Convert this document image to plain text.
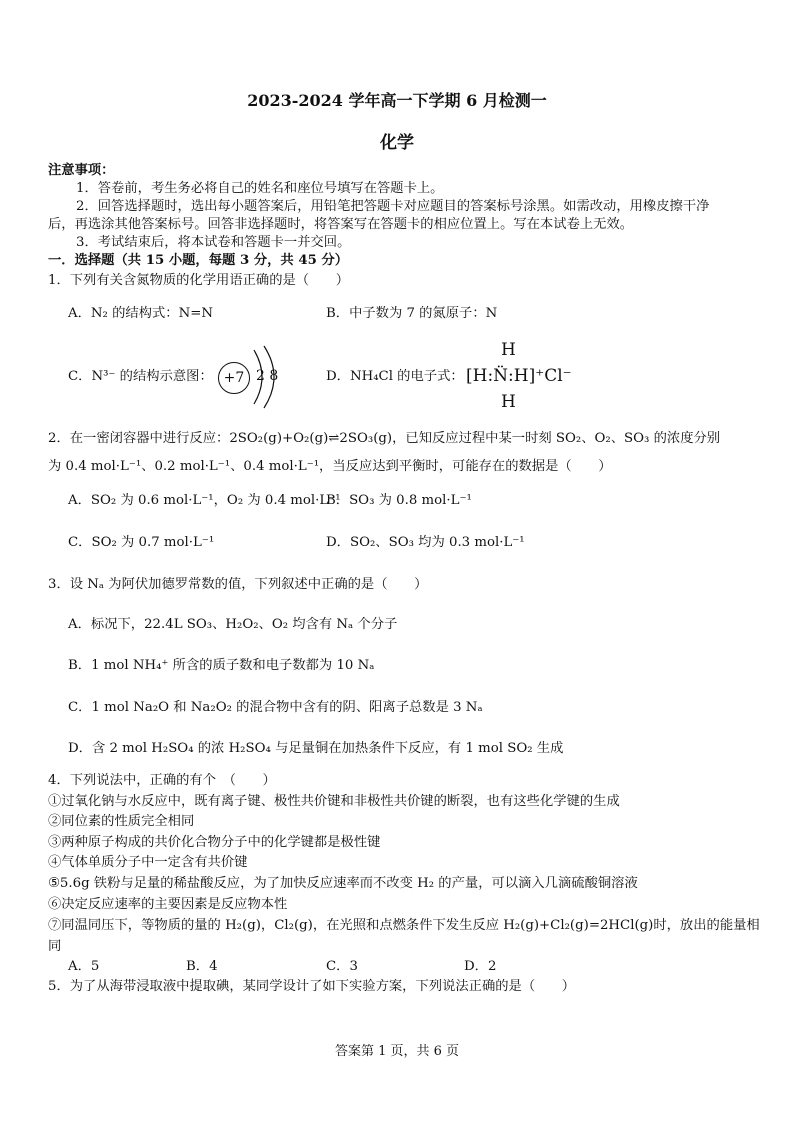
2023-2024 学年高一下学期 6 月检测一
化学
注意事项：
1．答卷前，考生务必将自己的姓名和座位号填写在答题卡上。
2．回答选择题时，选出每小题答案后，用铅笔把答题卡对应题目的答案标号涂黑。如需改动，用橡皮擦干净
后，再选涂其他答案标号。回答非选择题时，将答案写在答题卡的相应位置上。写在本试卷上无效。
3．考试结束后，将本试卷和答题卡一并交回。
一．选择题（共 15 小题，每题 3 分，共 45 分）
1．下列有关含氮物质的化学用语正确的是（　　）
A．N₂ 的结构式：N=N	B．中子数为 7 的氮原子：N
C．N³⁻ 的结构示意图： +7 2 8	D．NH₄Cl 的电子式：
H
[H:N̈:H]⁺Cl⁻
H
2．在一密闭容器中进行反应：2SO₂(g)+O₂(g)⇌2SO₃(g)，已知反应过程中某一时刻 SO₂、O₂、SO₃ 的浓度分别
为 0.4 mol·L⁻¹、0.2 mol·L⁻¹、0.4 mol·L⁻¹，当反应达到平衡时，可能存在的数据是（　　）
A．SO₂ 为 0.6 mol·L⁻¹，O₂ 为 0.4 mol·L⁻¹
B．SO₃ 为 0.8 mol·L⁻¹
C．SO₂ 为 0.7 mol·L⁻¹	D．SO₂、SO₃ 均为 0.3 mol·L⁻¹
3．设 Nₐ 为阿伏加德罗常数的值，下列叙述中正确的是（　　）
A．标况下，22.4L SO₃、H₂O₂、O₂ 均含有 Nₐ 个分子
B．1 mol NH₄⁺ 所含的质子数和电子数都为 10 Nₐ
C．1 mol Na₂O 和 Na₂O₂ 的混合物中含有的阴、阳离子总数是 3 Nₐ
D．含 2 mol H₂SO₄ 的浓 H₂SO₄ 与足量铜在加热条件下反应，有 1 mol SO₂ 生成
4．下列说法中，正确的有个　（　　）
①过氧化钠与水反应中，既有离子键、极性共价键和非极性共价键的断裂，也有这些化学键的生成
②同位素的性质完全相同
③两种原子构成的共价化合物分子中的化学键都是极性键
④气体单质分子中一定含有共价键
⑤5.6g 铁粉与足量的稀盐酸反应，为了加快反应速率而不改变 H₂ 的产量，可以滴入几滴硫酸铜溶液
⑥决定反应速率的主要因素是反应物本性
⑦同温同压下，等物质的量的 H₂(g)，Cl₂(g)，在光照和点燃条件下发生反应 H₂(g)+Cl₂(g)=2HCl(g)时，放出的能量相
同
A．5	B．4	C．3	D．2
5．为了从海带浸取液中提取碘，某同学设计了如下实验方案，下列说法正确的是（　　）
答案第 1 页，共 6 页
